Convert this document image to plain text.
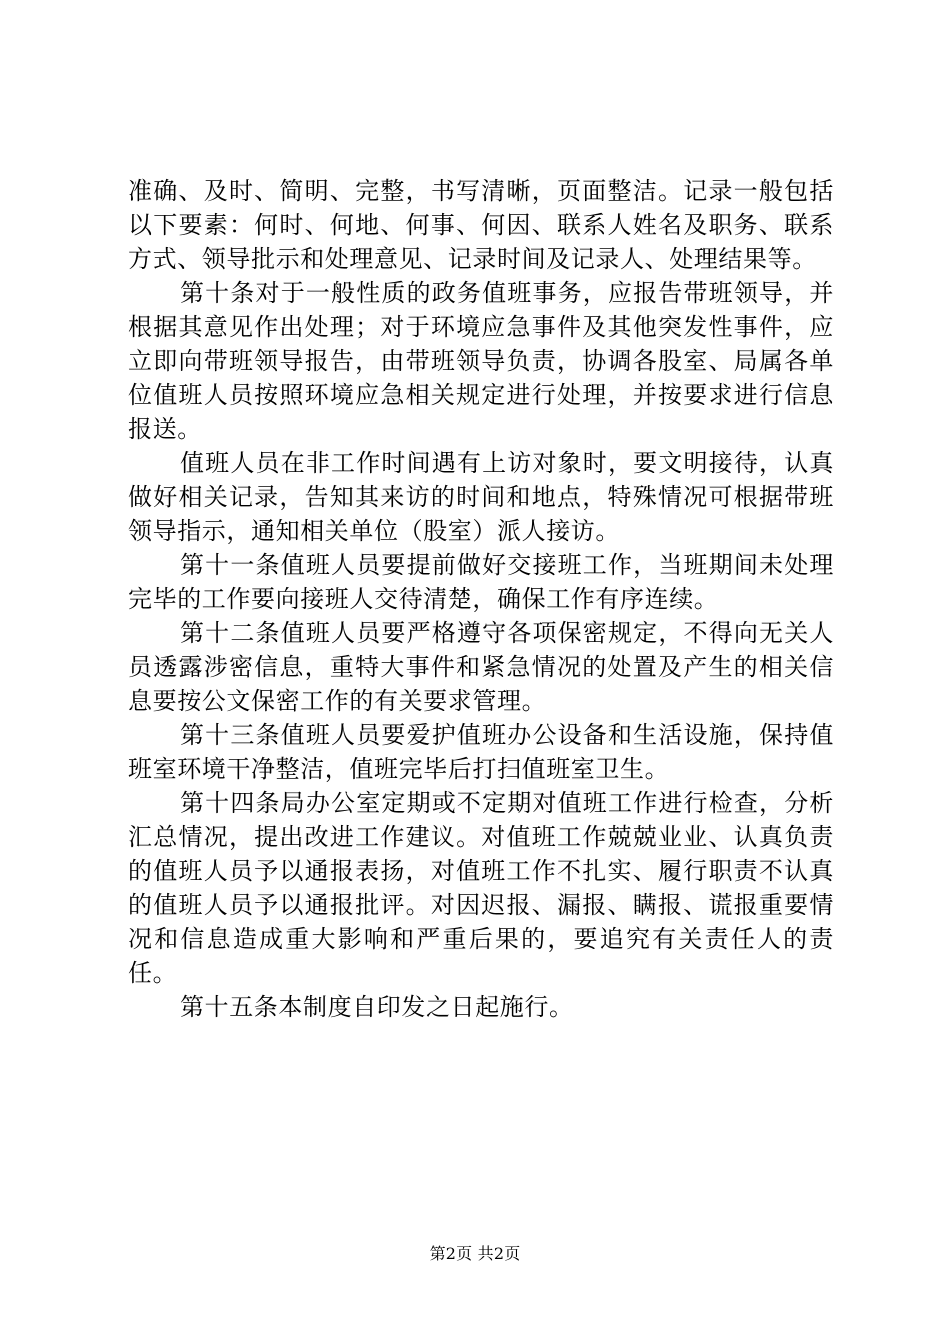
准确、及时、简明、完整，书写清晰，页面整洁。记录一般包括以下要素：何时、何地、何事、何因、联系人姓名及职务、联系方式、领导批示和处理意见、记录时间及记录人、处理结果等。

第十条对于一般性质的政务值班事务，应报告带班领导，并根据其意见作出处理；对于环境应急事件及其他突发性事件，应立即向带班领导报告，由带班领导负责，协调各股室、局属各单位值班人员按照环境应急相关规定进行处理，并按要求进行信息报送。

值班人员在非工作时间遇有上访对象时，要文明接待，认真做好相关记录，告知其来访的时间和地点，特殊情况可根据带班领导指示，通知相关单位（股室）派人接访。

第十一条值班人员要提前做好交接班工作，当班期间未处理完毕的工作要向接班人交待清楚，确保工作有序连续。

第十二条值班人员要严格遵守各项保密规定，不得向无关人员透露涉密信息，重特大事件和紧急情况的处置及产生的相关信息要按公文保密工作的有关要求管理。

第十三条值班人员要爱护值班办公设备和生活设施，保持值班室环境干净整洁，值班完毕后打扫值班室卫生。

第十四条局办公室定期或不定期对值班工作进行检查，分析汇总情况，提出改进工作建议。对值班工作兢兢业业、认真负责的值班人员予以通报表扬，对值班工作不扎实、履行职责不认真的值班人员予以通报批评。对因迟报、漏报、瞒报、谎报重要情况和信息造成重大影响和严重后果的，要追究有关责任人的责任。

第十五条本制度自印发之日起施行。

第2页 共2页
